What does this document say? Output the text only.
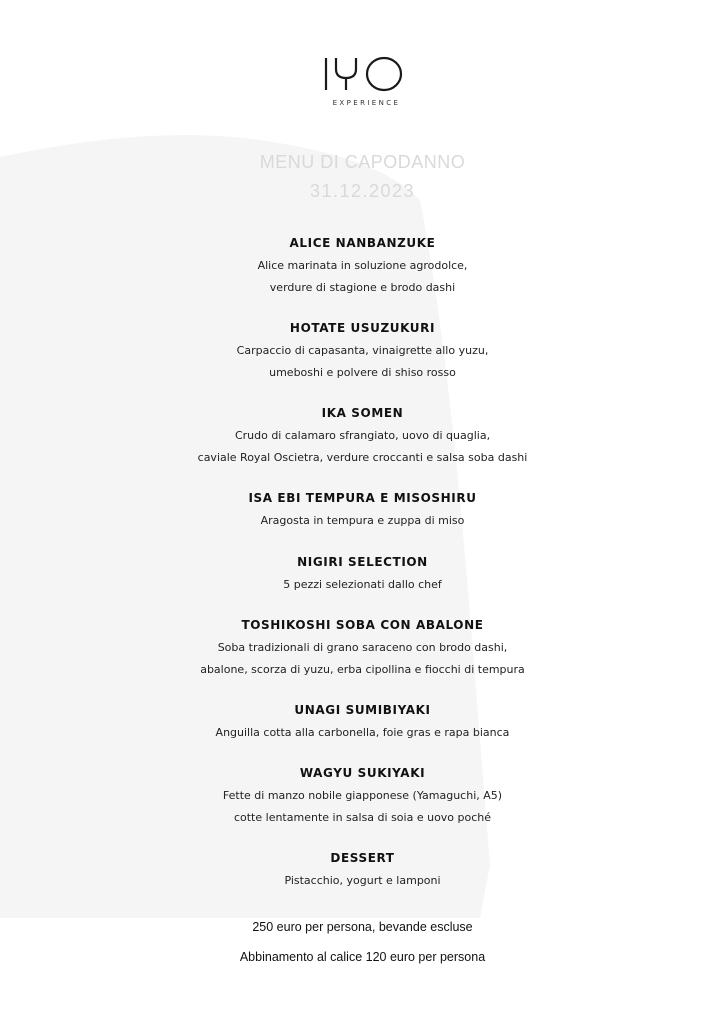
EXPERIENCE
MENU DI CAPODANNO
31.12.2023
ALICE NANBANZUKE

Alice marinata in soluzione agrodolce,

verdure di stagione e brodo dashi

HOTATE USUZUKURI

Carpaccio di capasanta, vinaigrette allo yuzu,

umeboshi e polvere di shiso rosso

IKA SOMEN

Crudo di calamaro sfrangiato, uovo di quaglia,

caviale Royal Oscietra, verdure croccanti e salsa soba dashi

ISA EBI TEMPURA E MISOSHIRU

Aragosta in tempura e zuppa di miso

NIGIRI SELECTION

5 pezzi selezionati dallo chef

TOSHIKOSHI SOBA CON ABALONE

Soba tradizionali di grano saraceno con brodo dashi,

abalone, scorza di yuzu, erba cipollina e fiocchi di tempura

UNAGI SUMIBIYAKI

Anguilla cotta alla carbonella, foie gras e rapa bianca

WAGYU SUKIYAKI

Fette di manzo nobile giapponese (Yamaguchi, A5)

cotte lentamente in salsa di soia e uovo poché

DESSERT

Pistacchio, yogurt e lamponi

250 euro per persona, bevande escluse
Abbinamento al calice 120 euro per persona
